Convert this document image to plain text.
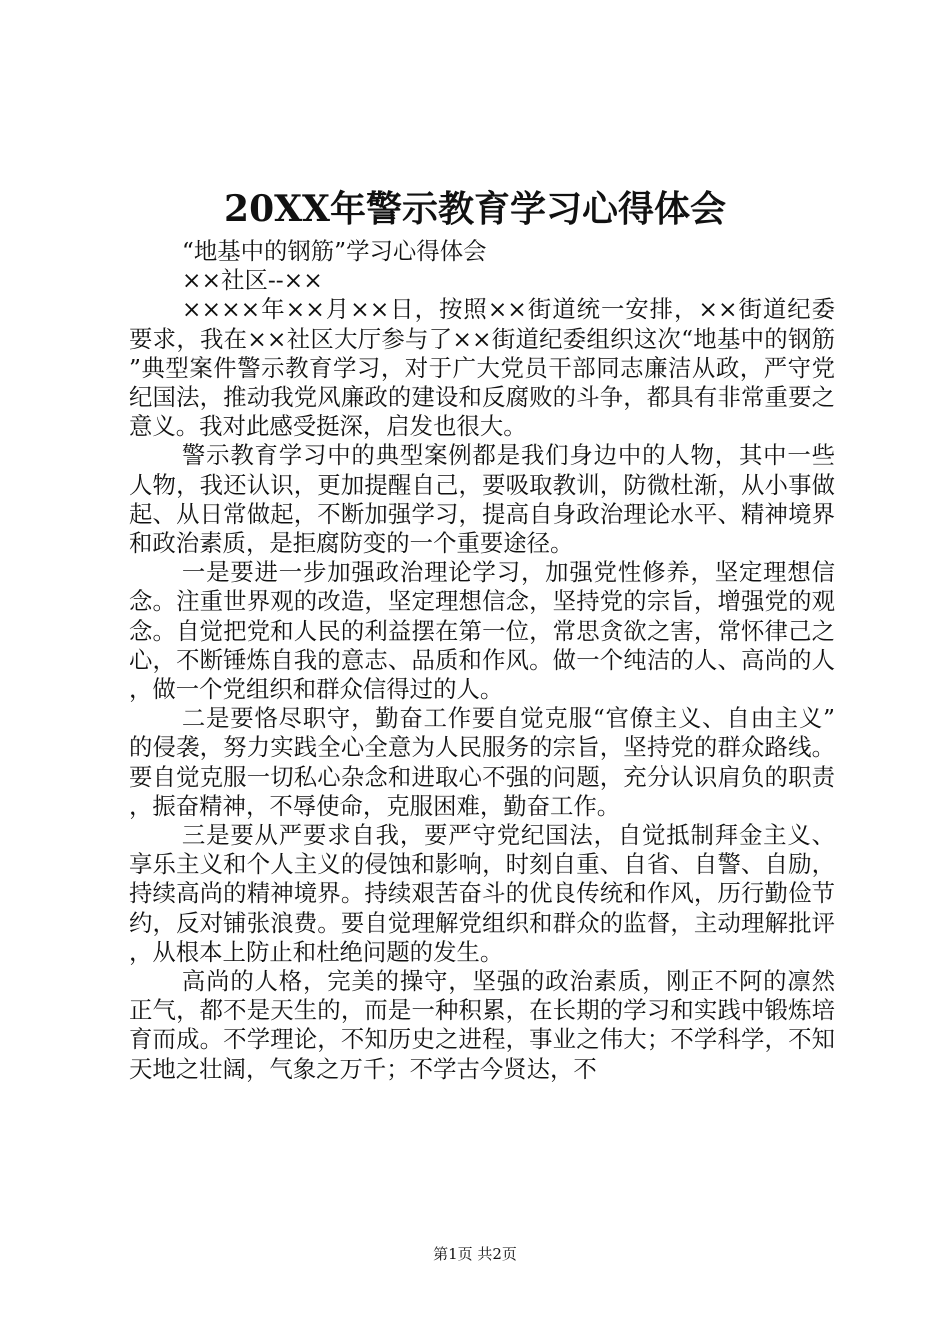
20XX年警示教育学习心得体会

“地基中的钢筋”学习心得体会

××社区--××

××××年××月××日，按照××街道统一安排，××街道纪委要求，我在××社区大厅参与了××街道纪委组织这次“地基中的钢筋”典型案件警示教育学习，对于广大党员干部同志廉洁从政，严守党纪国法，推动我党风廉政的建设和反腐败的斗争，都具有非常重要之意义。我对此感受挺深，启发也很大。

警示教育学习中的典型案例都是我们身边中的人物，其中一些人物，我还认识，更加提醒自己，要吸取教训，防微杜渐，从小事做起、从日常做起，不断加强学习，提高自身政治理论水平、精神境界和政治素质，是拒腐防变的一个重要途径。

一是要进一步加强政治理论学习，加强党性修养，坚定理想信念。注重世界观的改造，坚定理想信念，坚持党的宗旨，增强党的观念。自觉把党和人民的利益摆在第一位，常思贪欲之害，常怀律己之心，不断锤炼自我的意志、品质和作风。做一个纯洁的人、高尚的人，做一个党组织和群众信得过的人。

二是要恪尽职守，勤奋工作要自觉克服“官僚主义、自由主义”的侵袭，努力实践全心全意为人民服务的宗旨，坚持党的群众路线。要自觉克服一切私心杂念和进取心不强的问题，充分认识肩负的职责，振奋精神，不辱使命，克服困难，勤奋工作。

三是要从严要求自我，要严守党纪国法，自觉抵制拜金主义、享乐主义和个人主义的侵蚀和影响，时刻自重、自省、自警、自励，持续高尚的精神境界。持续艰苦奋斗的优良传统和作风，历行勤俭节约，反对铺张浪费。要自觉理解党组织和群众的监督，主动理解批评，从根本上防止和杜绝问题的发生。

高尚的人格，完美的操守，坚强的政治素质，刚正不阿的凛然正气，都不是天生的，而是一种积累，在长期的学习和实践中锻炼培育而成。不学理论，不知历史之进程，事业之伟大；不学科学，不知天地之壮阔，气象之万千；不学古今贤达，不

第1页 共2页
